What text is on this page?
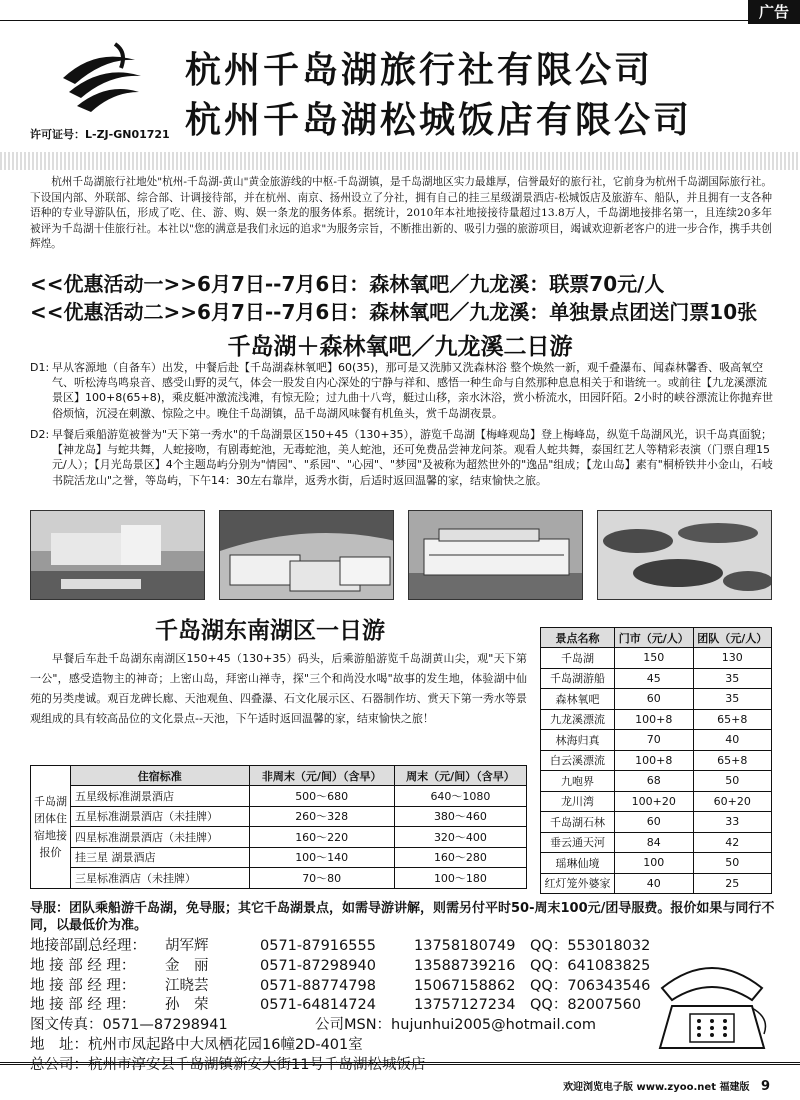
广告
许可证号：L-ZJ-GN01721
杭州千岛湖旅行社有限公司
杭州千岛湖松城饭店有限公司

杭州千岛湖旅行社地处"杭州-千岛湖-黄山"黄金旅游线的中枢-千岛湖镇，是千岛湖地区实力最雄厚，信誉最好的旅行社，它前身为杭州千岛湖国际旅行社。下设国内部、外联部、综合部、计调接待部，并在杭州、南京、扬州设立了分社，拥有自己的挂三星级湖景酒店-松城饭店及旅游车、船队，并且拥有一支各种语种的专业导游队伍，形成了吃、住、游、购、娱一条龙的服务体系。据统计，2010年本社地接接待量超过13.8万人，千岛湖地接排名第一，且连续20多年被评为千岛湖十佳旅行社。本社以"您的满意是我们永远的追求"为服务宗旨，不断推出新的、吸引力强的旅游项目，竭诚欢迎新老客户的进一步合作，携手共创辉煌。

<<优惠活动一>>6月7日--7月6日：森林氧吧／九龙溪：联票70元/人
<<优惠活动二>>6月7日--7月6日：森林氧吧／九龙溪：单独景点团送门票10张
千岛湖＋森林氧吧／九龙溪二日游
D1: 早从客源地（自备车）出发，中餐后赴【千岛湖森林氧吧】60(35)，那可是又洗肺又洗森林浴 整个焕然一新，观千叠瀑布、闻森林馨香、吸高氧空气、听松涛鸟鸣泉音、感受山野的灵气，体会一股发自内心深处的宁静与祥和、感悟一种生命与自然那种息息相关于和谐统一。或前往【九龙溪漂流景区】100+8(65+8)，乘皮艇冲激流浅滩，有惊无险；过九曲十八弯，艇过山移，亲水沐浴，赏小桥流水，田园阡陌。2小时的峡谷漂流让你抛弃世俗烦恼，沉浸在刺激、惊险之中。晚住千岛湖镇，品千岛湖风味餐有机鱼头，赏千岛湖夜景。
D2: 早餐后乘船游览被誉为"天下第一秀水"的千岛湖景区150+45（130+35），游览千岛湖【梅峰观岛】登上梅峰岛，纵览千岛湖风光，识千岛真面貌；【神龙岛】与蛇共舞，人蛇接吻，有剧毒蛇池，无毒蛇池，美人蛇池，还可免费品尝神龙问茶。观看人蛇共舞，泰国红艺人等精彩表演（门票自理15元/人）；【月光岛景区】4个主题岛屿分别为"情园"、"系园"、"心园"、"梦园"及被称为超然世外的"逸品"组成；【龙山岛】素有"桐桥铁井小金山，石岐书院活龙山"之誉，等岛屿，下午14：30左右靠岸，返秀水街，后适时返回温馨的家，结束愉快之旅。
千岛湖东南湖区一日游

早餐后车赴千岛湖东南湖区150+45（130+35）码头，后乘游船游览千岛湖黄山尖，观"天下第一公"，感受造物主的神奇；上密山岛，拜密山禅寺，探"三个和尚没水喝"故事的发生地，体验湖中仙苑的另类虔诚。观百龙碑长廊、天池观鱼、四叠瀑、石文化展示区、石器制作坊、赏天下第一秀水等景观组成的具有较高品位的文化景点--天池，下午适时返回温馨的家，结束愉快之旅！

景点名称	门市（元/人）	团队（元/人）
千岛湖	150	130
千岛湖游船	45	35
森林氧吧	60	35
九龙溪漂流	100+8	65+8
林海归真	70	40
白云溪漂流	100+8	65+8
九咆界	68	50
龙川湾	100+20	60+20
千岛湖石林	60	33
垂云通天河	84	42
瑶琳仙境	100	50
红灯笼外婆家	40	25
千岛湖团体住宿地接报价	住宿标准	非周末（元/间）（含早）	周末（元/间）（含早）
	五星级标准湖景酒店	500～680	640～1080
	五星标准湖景酒店（未挂牌）	260～328	380～460
	四星标准湖景酒店（未挂牌）	160～220	320～400
	挂三星 湖景酒店	100～140	160～280
	三星标准酒店（未挂牌）	70～80	100～180

导服：团队乘船游千岛湖，免导服；其它千岛湖景点，如需导游讲解，则需另付平时50-周末100元/团导服费。报价如果与同行不同，以最低价为准。

地接部副总经理：	胡军辉	0571-87916555	13758180749 QQ：553018032
地 接 部 经 理：	金　丽	0571-87298940	13588739216 QQ：641083825
地 接 部 经 理：	江晓芸	0571-88774798	15067158862 QQ：706343546
地 接 部 经 理：	孙　荣	0571-64814724	13757127234 QQ：82007560
图文传真：0571—87298941	公司MSN：hujunhui2005@hotmail.com
地　址：杭州市凤起路中大凤栖花园16幢2D-401室
总公司：杭州市淳安县千岛湖镇新安大街11号千岛湖松城饭店
欢迎浏览电子版 www.zyoo.net 福建版 9
